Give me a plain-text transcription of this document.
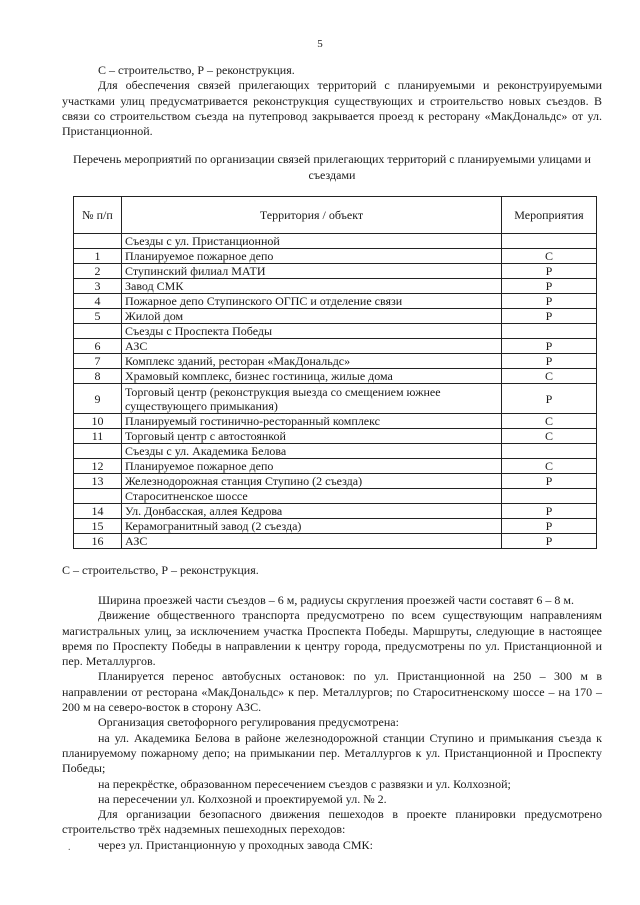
5

С – строительство, Р – реконструкция.

Для обеспечения связей прилегающих территорий с планируемыми и реконструируемыми участками улиц предусматривается реконструкция существующих и строительство новых съездов. В связи со строительством съезда на путепровод закрывается проезд к ресторану «МакДональдс» от ул. Пристанционной.

Перечень мероприятий по организации связей прилегающих территорий с планируемыми улицами и съездами
№ п/п	Территория / объект	Мероприятия
	Съезды с ул. Пристанционной	
1	Планируемое пожарное депо	С
2	Ступинский филиал МАТИ	Р
3	Завод СМК	Р
4	Пожарное депо Ступинского ОГПС и отделение связи	Р
5	Жилой дом	Р
	Съезды с Проспекта Победы	
6	АЗС	Р
7	Комплекс зданий, ресторан «МакДональдс»	Р
8	Храмовый комплекс, бизнес гостиница, жилые дома	С
9	Торговый центр (реконструкция выезда со смещением южнее существующего примыкания)	Р
10	Планируемый гостинично-ресторанный комплекс	С
11	Торговый центр с автостоянкой	С
	Съезды с ул. Академика Белова	
12	Планируемое пожарное депо	С
13	Железнодорожная станция Ступино (2 съезда)	Р
	Староситненское шоссе	
14	Ул. Донбасская, аллея Кедрова	Р
15	Керамогранитный завод (2 съезда)	Р
16	АЗС	Р
С – строительство, Р – реконструкция.

Ширина проезжей части съездов – 6 м, радиусы скругления проезжей части составят 6 – 8 м.

Движение общественного транспорта предусмотрено по всем существующим направлениям магистральных улиц, за исключением участка Проспекта Победы. Маршруты, следующие в настоящее время по Проспекту Победы в направлении к центру города, предусмотрены по ул. Пристанционной и пер. Металлургов.

Планируется перенос автобусных остановок: по ул. Пристанционной на 250 – 300 м в направлении от ресторана «МакДональдс» к пер. Металлургов; по Староситненскому шоссе – на 170 – 200 м на северо-восток в сторону АЗС.

Организация светофорного регулирования предусмотрена:

на ул. Академика Белова в районе железнодорожной станции Ступино и примыкания съезда к планируемому пожарному депо; на примыкании пер. Металлургов к ул. Пристанционной и Проспекту Победы;

на перекрёстке, образованном пересечением съездов с развязки и ул. Колхозной;

на пересечении ул. Колхозной и проектируемой ул. № 2.

Для организации безопасного движения пешеходов в проекте планировки предусмотрено строительство трёх надземных пешеходных переходов:

через ул. Пристанционную у проходных завода СМК:

.
